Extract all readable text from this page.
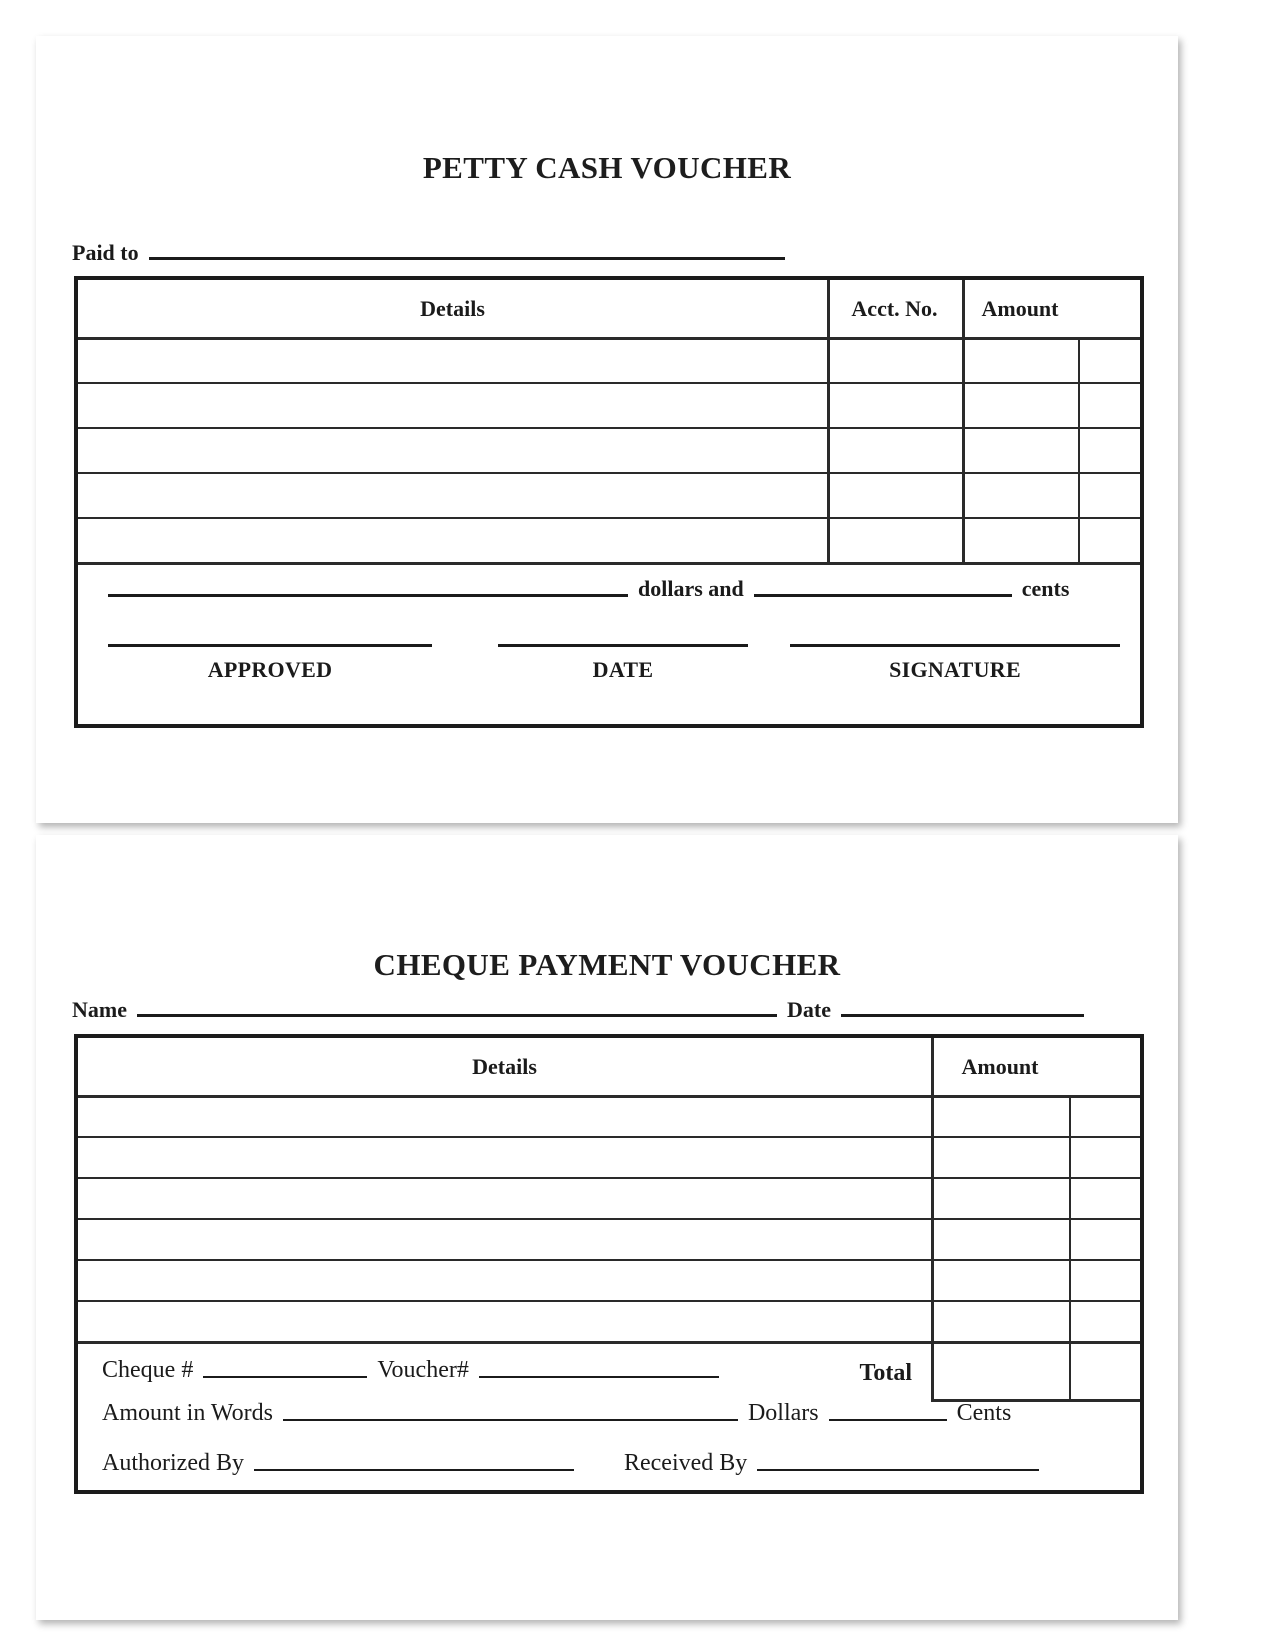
PETTY CASH VOUCHER
Paid to
Details	Acct. No.	Amount
dollars and	cents
APPROVED	DATE	SIGNATURE
CHEQUE PAYMENT VOUCHER
Name	Date
Details	Amount
Total
Cheque #	Voucher#
Amount in Words	Dollars	Cents
Authorized By	Received By
